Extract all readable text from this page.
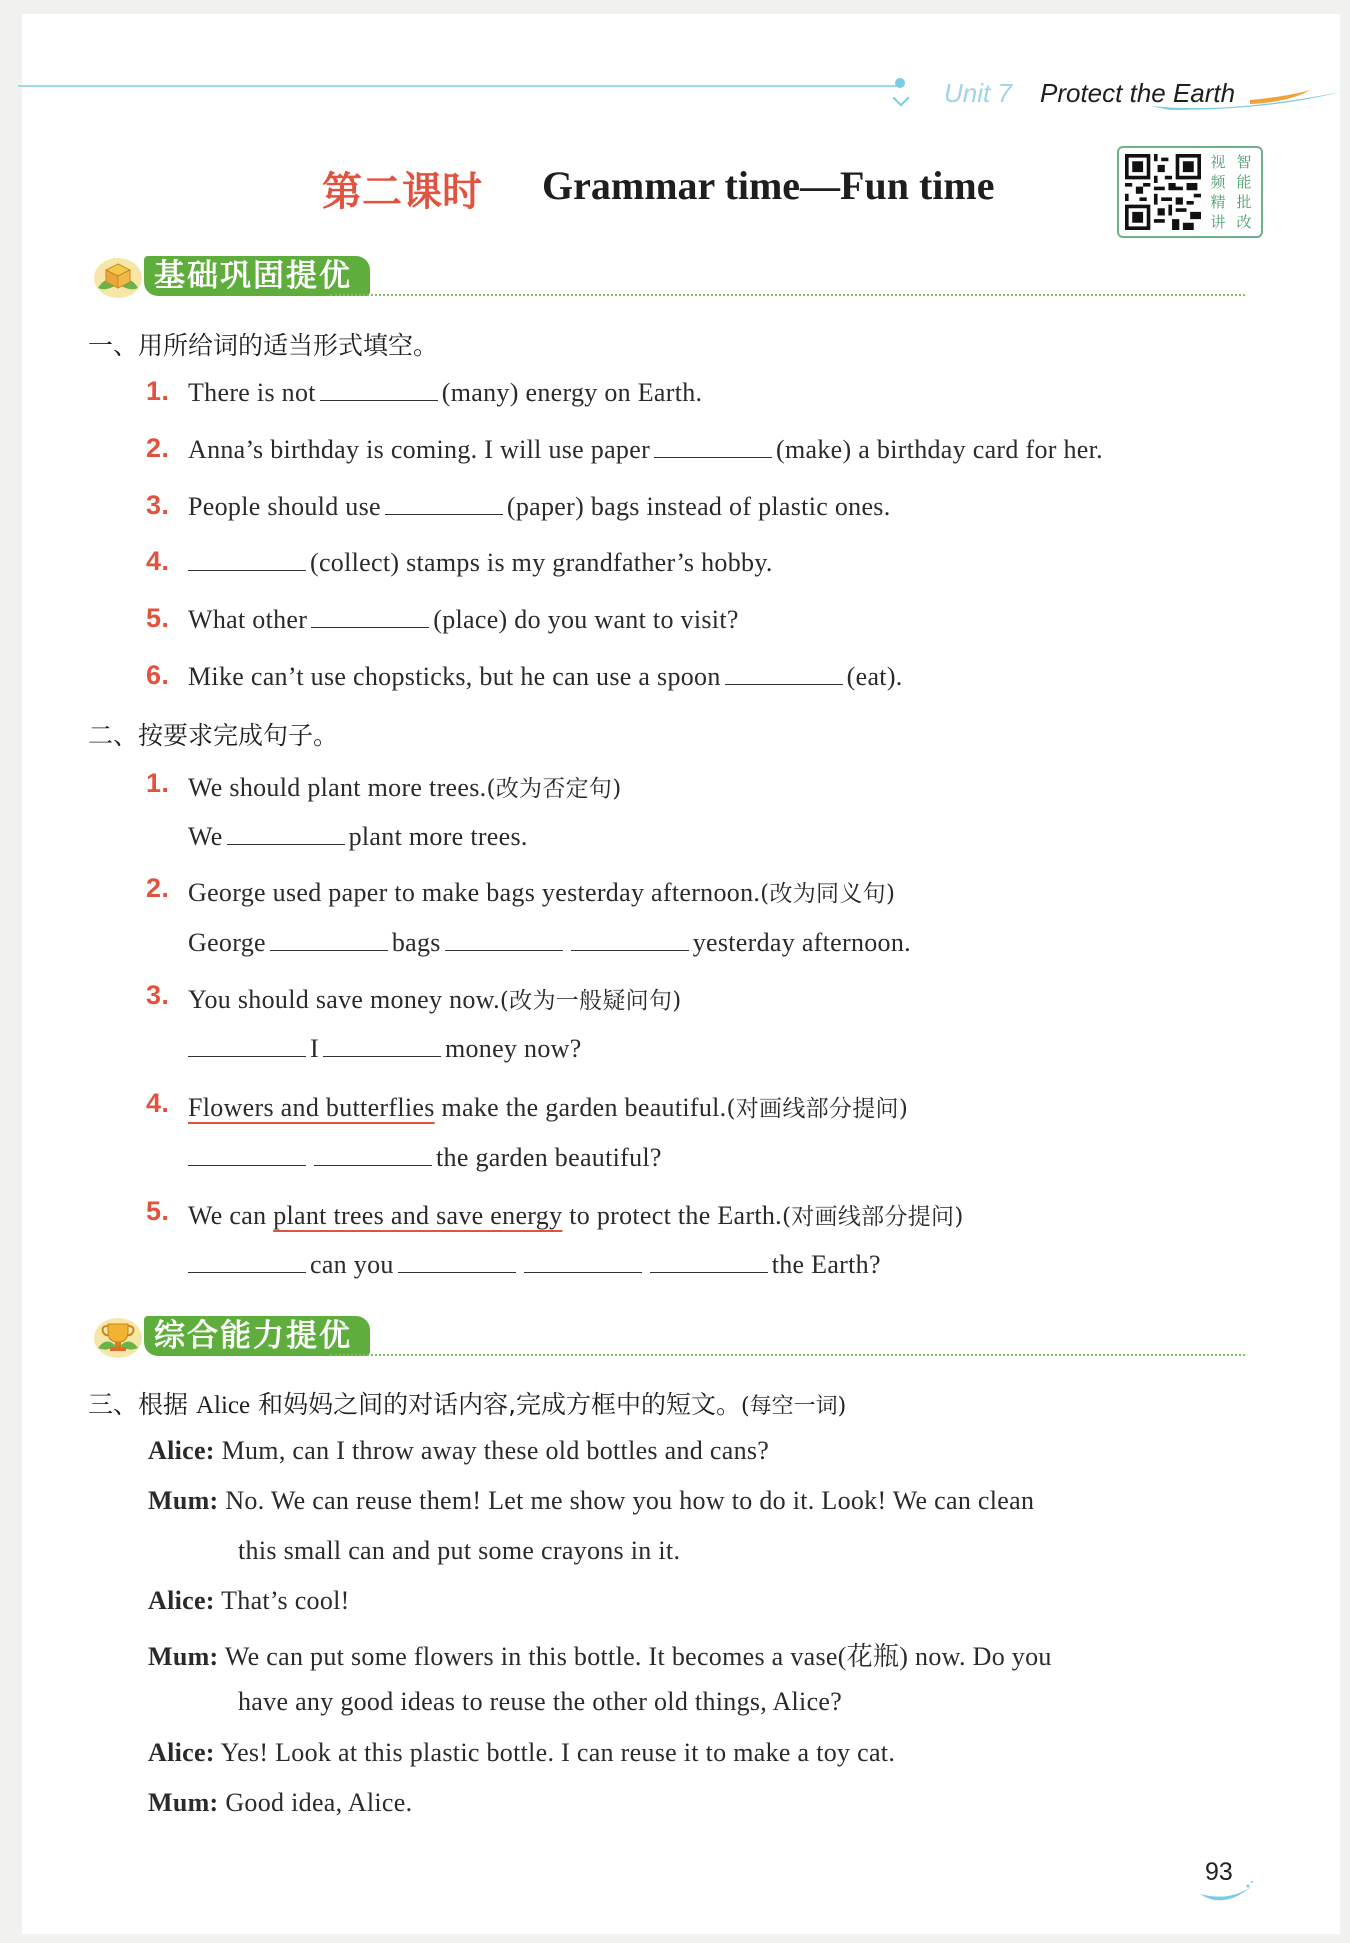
Unit 7 Protect the Earth
第二课时 Grammar time—Fun time
视 智
频 能
精 批
讲 改
基础巩固提优
一、用所给词的适当形式填空。
1. There is not	(many) energy on Earth.
2. Anna’s birthday is coming. I will use paper	(make) a birthday card for her.
3. People should use	(paper) bags instead of plastic ones.
4.	(collect) stamps is my grandfather’s hobby.
5. What other	(place) do you want to visit?
6. Mike can’t use chopsticks, but he can use a spoon	(eat).
二、按要求完成句子。
1. We should plant more trees.(改为否定句)
We	plant more trees.
2. George used paper to make bags yesterday afternoon.(改为同义句)
George	bags	yesterday afternoon.
3. You should save money now.(改为一般疑问句)
I	money now?
4. Flowers and butterflies make the garden beautiful.(对画线部分提问)
the garden beautiful?
5. We can plant trees and save energy to protect the Earth.(对画线部分提问)
can you	the Earth?
综合能力提优
三、根据 Alice 和妈妈之间的对话内容,完成方框中的短文。(每空一词)
Alice: Mum, can I throw away these old bottles and cans?
Mum: No. We can reuse them! Let me show you how to do it. Look! We can clean
this small can and put some crayons in it.
Alice: That’s cool!
Mum: We can put some flowers in this bottle. It becomes a vase(花瓶) now. Do you
have any good ideas to reuse the other old things, Alice?
Alice: Yes! Look at this plastic bottle. I can reuse it to make a toy cat.
Mum: Good idea, Alice.
93
